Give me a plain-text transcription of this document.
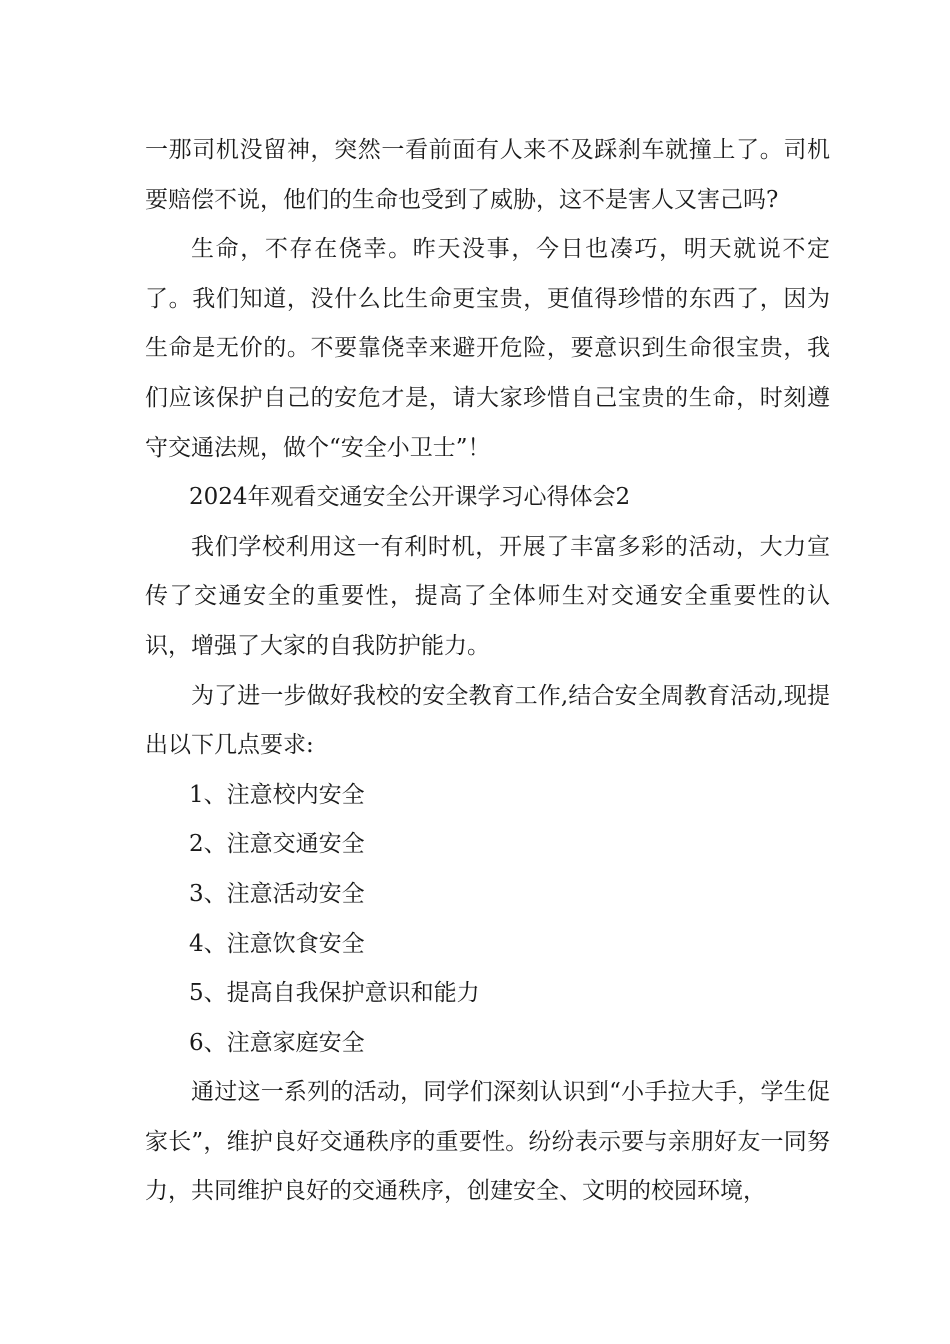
一那司机没留神，突然一看前面有人来不及踩刹车就撞上了。司机要赔偿不说，他们的生命也受到了威胁，这不是害人又害己吗?

生命，不存在侥幸。昨天没事，今日也凑巧，明天就说不定了。我们知道，没什么比生命更宝贵，更值得珍惜的东西了，因为生命是无价的。不要靠侥幸来避开危险，要意识到生命很宝贵，我们应该保护自己的安危才是，请大家珍惜自己宝贵的生命，时刻遵守交通法规，做个“安全小卫士”！

2024年观看交通安全公开课学习心得体会2

我们学校利用这一有利时机，开展了丰富多彩的活动，大力宣传了交通安全的重要性，提高了全体师生对交通安全重要性的认识，增强了大家的自我防护能力。

为了进一步做好我校的安全教育工作,结合安全周教育活动,现提出以下几点要求:

1、注意校内安全

2、注意交通安全

3、注意活动安全

4、注意饮食安全

5、提高自我保护意识和能力

6、注意家庭安全

通过这一系列的活动，同学们深刻认识到“小手拉大手，学生促家长”，维护良好交通秩序的重要性。纷纷表示要与亲朋好友一同努力，共同维护良好的交通秩序，创建安全、文明的校园环境，
